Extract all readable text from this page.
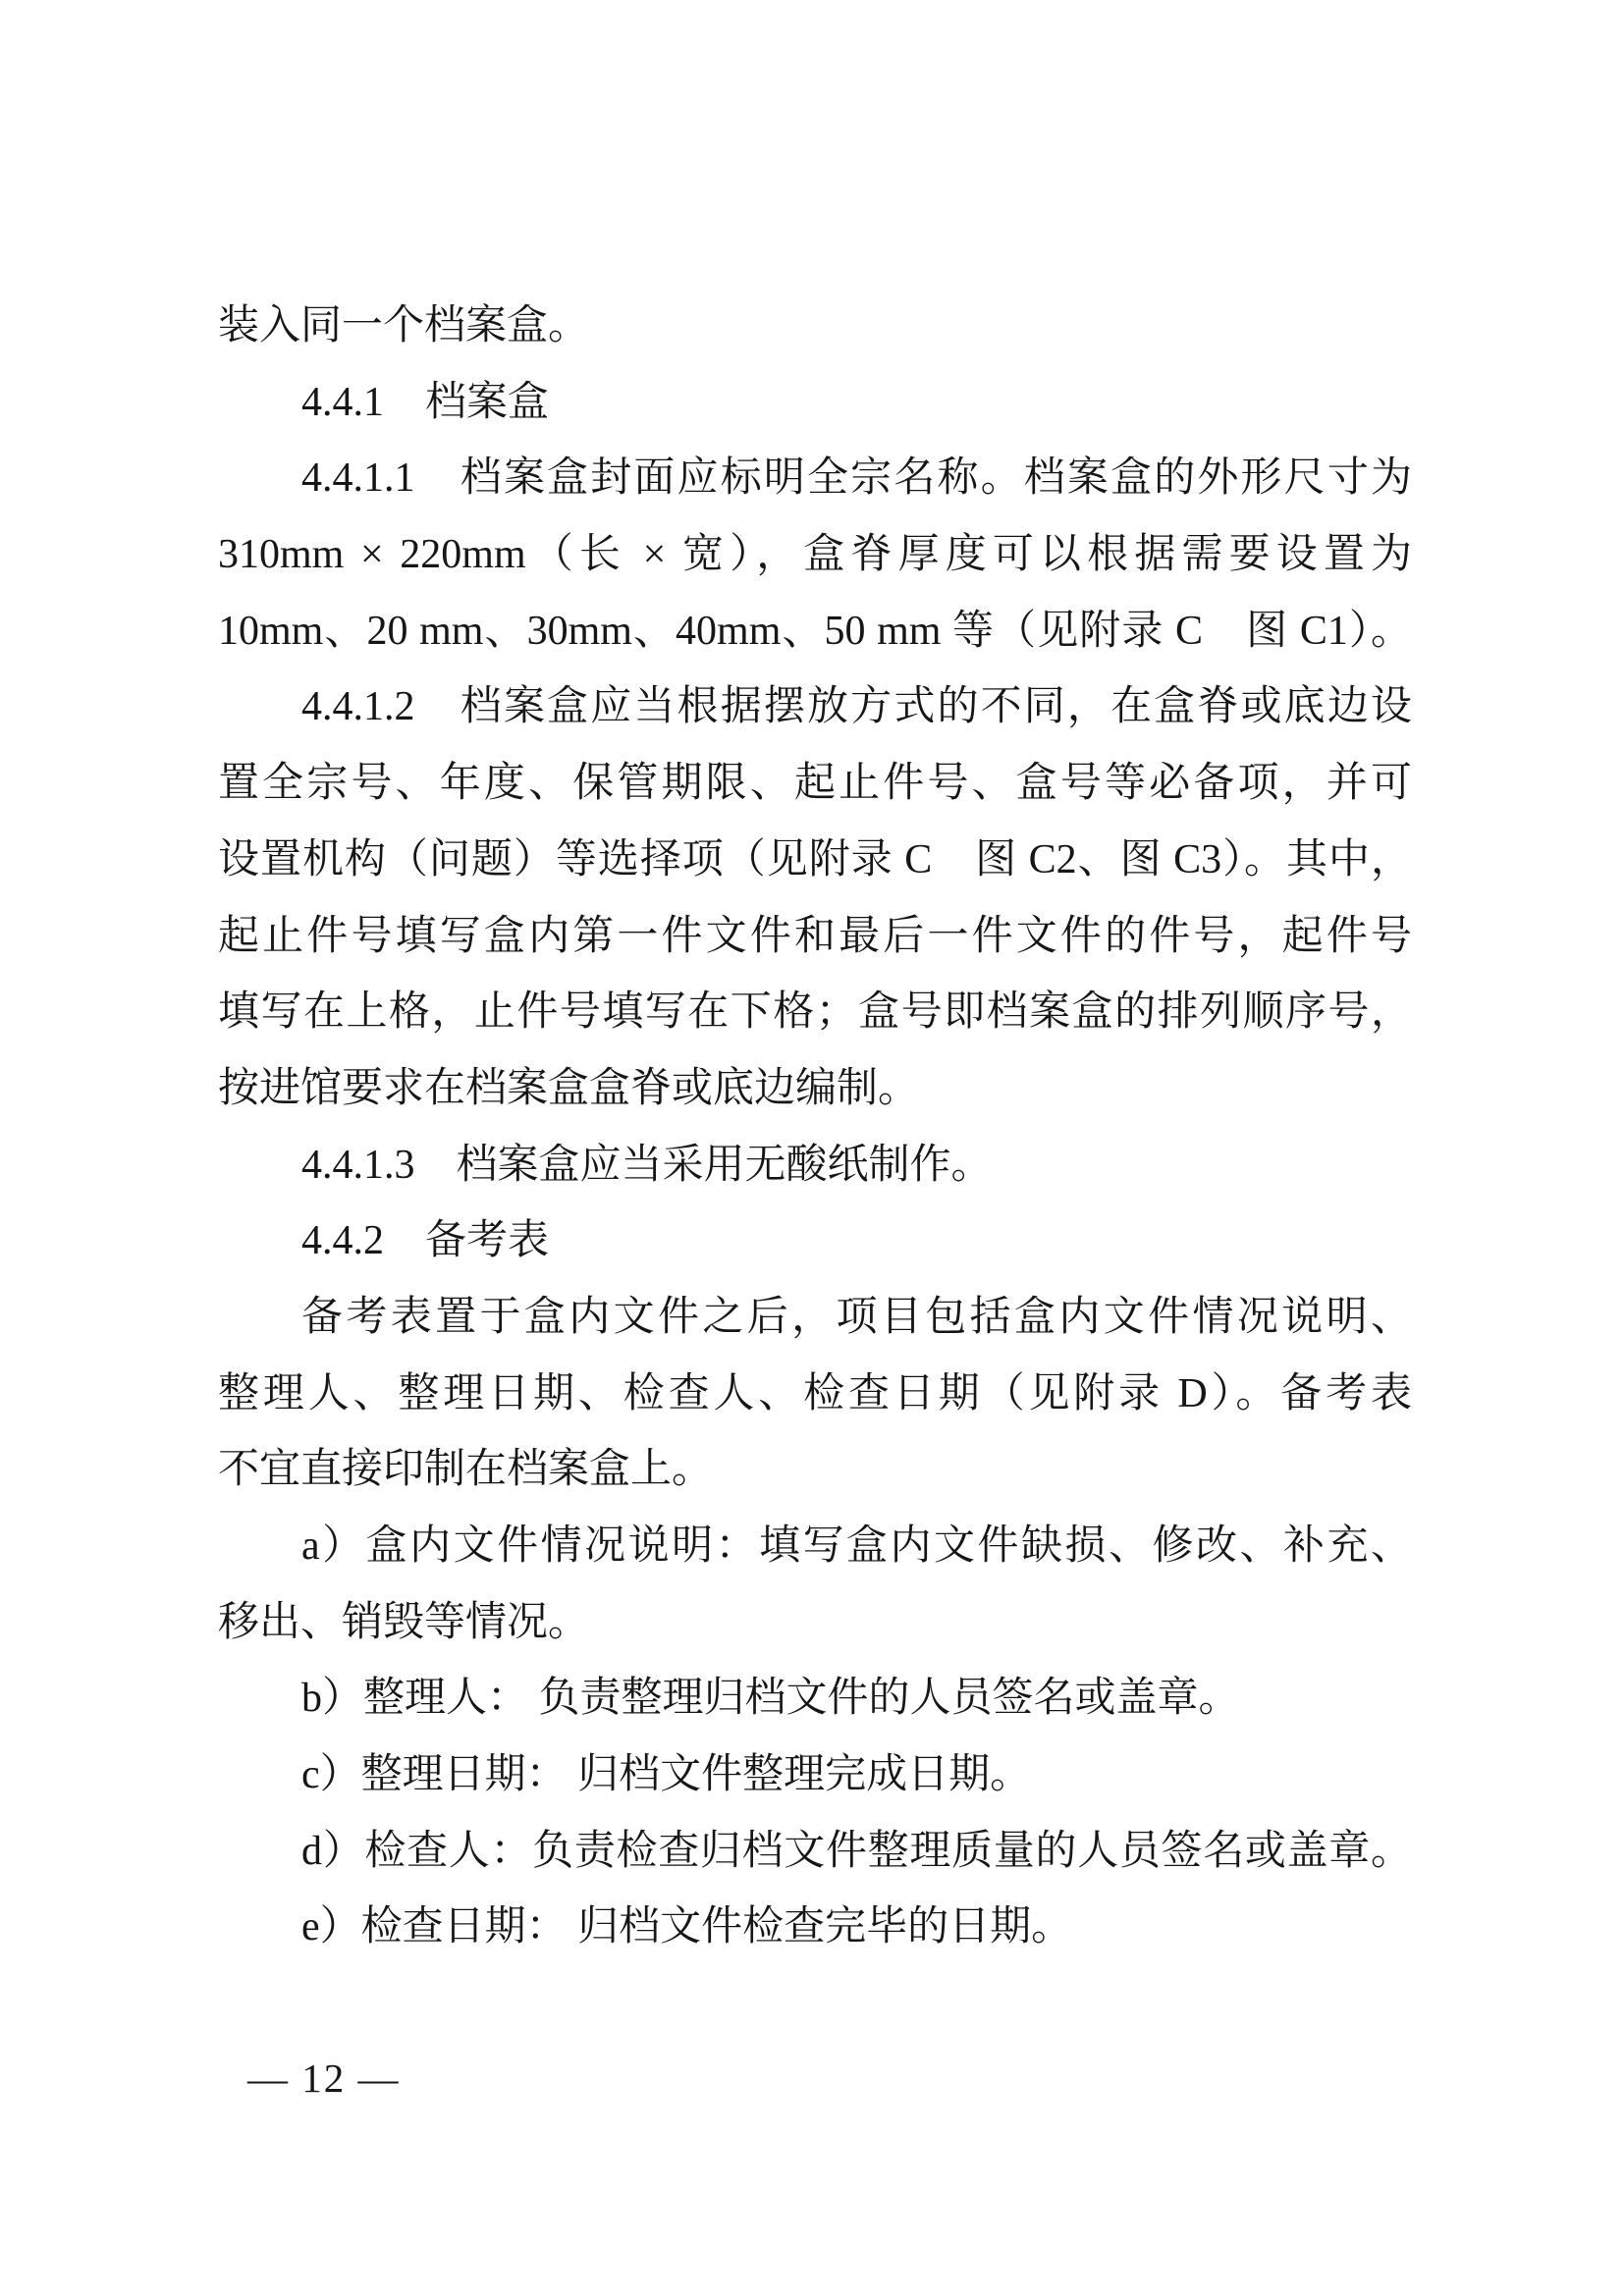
装入同一个档案盒。
4.4.1　档案盒
4.4.1.1　档案盒封面应标明全宗名称。档案盒的外形尺寸为
310mm × 220mm（长 × 宽），盒脊厚度可以根据需要设置为
10mm、20 mm、30mm、40mm、50 mm 等（见附录 C　图 C1）。
4.4.1.2　档案盒应当根据摆放方式的不同，在盒脊或底边设
置全宗号、年度、保管期限、起止件号、盒号等必备项，并可
设置机构（问题）等选择项（见附录 C　图 C2、图 C3）。其中，
起止件号填写盒内第一件文件和最后一件文件的件号，起件号
填写在上格，止件号填写在下格；盒号即档案盒的排列顺序号，
按进馆要求在档案盒盒脊或底边编制。
4.4.1.3　档案盒应当采用无酸纸制作。
4.4.2　备考表
备考表置于盒内文件之后，项目包括盒内文件情况说明、
整理人、整理日期、检查人、检查日期（见附录 D）。备考表
不宜直接印制在档案盒上。
a）盒内文件情况说明：填写盒内文件缺损、修改、补充、
移出、销毁等情况。
b）整理人： 负责整理归档文件的人员签名或盖章。
c）整理日期： 归档文件整理完成日期。
d）检查人：负责检查归档文件整理质量的人员签名或盖章。
e）检查日期： 归档文件检查完毕的日期。
— 12 —
